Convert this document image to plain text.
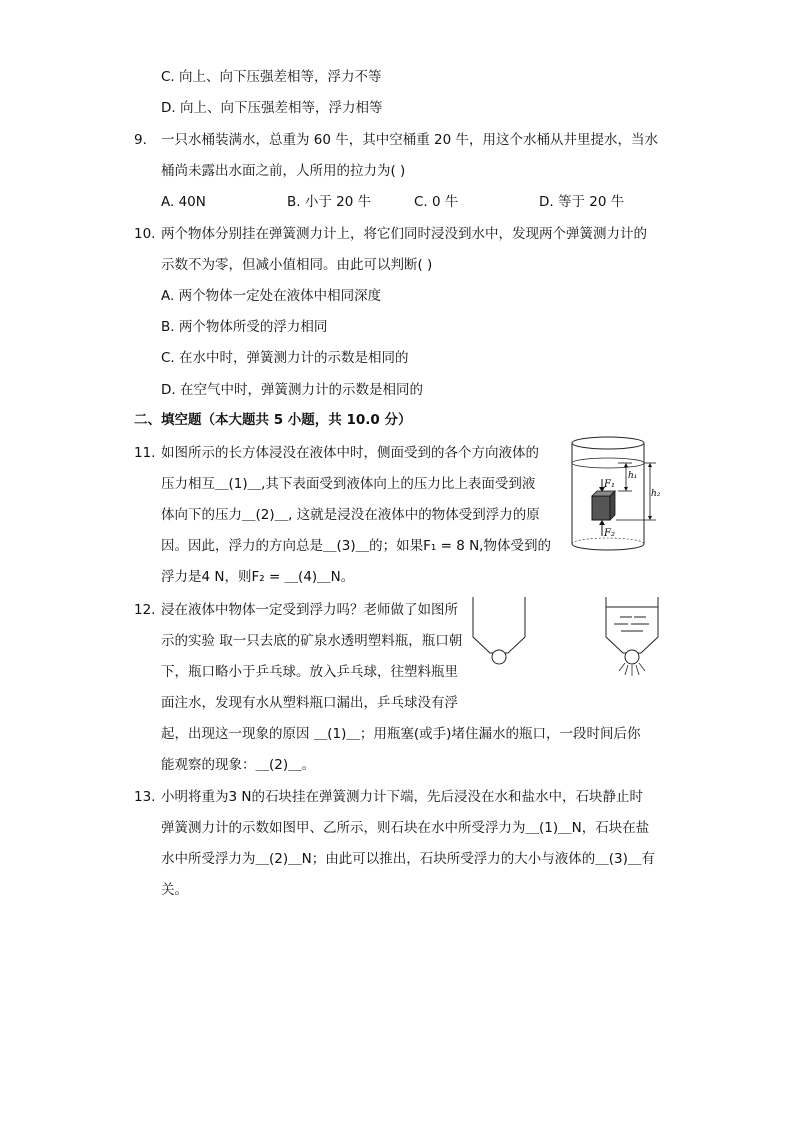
C. 向上、向下压强差相等，浮力不等
D. 向上、向下压强差相等，浮力相等
9. 一只水桶装满水，总重为 60 牛，其中空桶重 20 牛，用这个水桶从井里提水，当水
桶尚未露出水面之前，人所用的拉力为( )
A. 40N	B. 小于 20 牛	C. 0 牛	D. 等于 20 牛
10. 两个物体分别挂在弹簧测力计上，将它们同时浸没到水中，发现两个弹簧测力计的
示数不为零，但减小值相同。由此可以判断( )
A. 两个物体一定处在液体中相同深度
B. 两个物体所受的浮力相同
C. 在水中时，弹簧测力计的示数是相同的
D. 在空气中时，弹簧测力计的示数是相同的
二、填空题（本大题共 5 小题，共 10.0 分）
11. 如图所示的长方体浸没在液体中时，侧面受到的各个方向液体的
压力相互＿(1)＿,其下表面受到液体向上的压力比上表面受到液
体向下的压力＿(2)＿, 这就是浸没在液体中的物体受到浮力的原
因。因此，浮力的方向总是＿(3)＿的；如果F₁ = 8 N,物体受到的
浮力是4 N，则F₂ = ＿(4)＿N。
F₁
F₂
h₁
h₂
12. 浸在液体中物体一定受到浮力吗？老师做了如图所
示的实验 取一只去底的矿泉水透明塑料瓶，瓶口朝
下，瓶口略小于乒乓球。放入乒乓球，往塑料瓶里
面注水，发现有水从塑料瓶口漏出，乒乓球没有浮
起，出现这一现象的原因 ＿(1)＿；用瓶塞(或手)堵住漏水的瓶口，一段时间后你
能观察的现象：＿(2)＿。
13. 小明将重为3 N的石块挂在弹簧测力计下端，先后浸没在水和盐水中，石块静止时
弹簧测力计的示数如图甲、乙所示，则石块在水中所受浮力为＿(1)＿N，石块在盐
水中所受浮力为＿(2)＿N；由此可以推出，石块所受浮力的大小与液体的＿(3)＿有
关。
